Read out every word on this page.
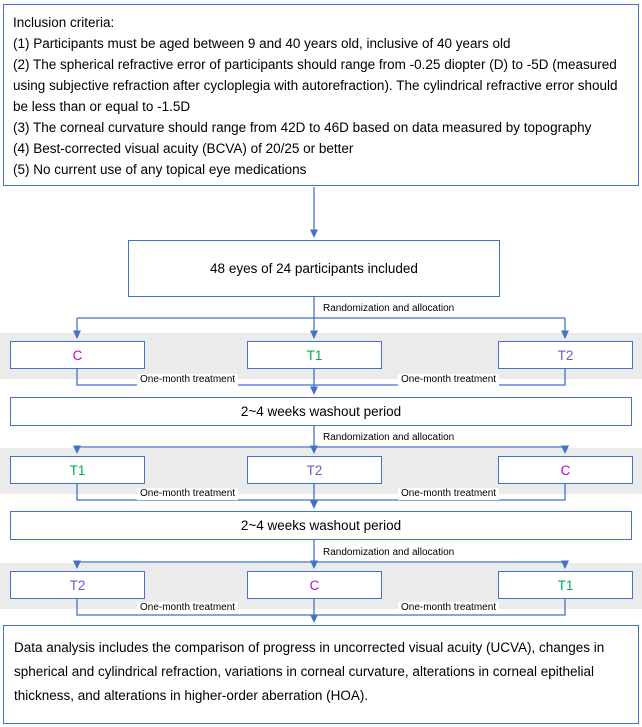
Inclusion criteria:
(1) Participants must be aged between 9 and 40 years old, inclusive of 40 years old
(2) The spherical refractive error of participants should range from -0.25 diopter (D) to -5D (measured using subjective refraction after cycloplegia with autorefraction). The cylindrical refractive error should be less than or equal to -1.5D
(3) The corneal curvature should range from 42D to 46D based on data measured by topography
(4) Best-corrected visual acuity (BCVA) of 20/25 or better
(5) No current use of any topical eye medications
48 eyes of 24 participants included
Randomization and allocation
Randomization and allocation
Randomization and allocation
C	T1	T2
One-month treatment	One-month treatment
2~4 weeks washout period
T1	T2	C
One-month treatment	One-month treatment
2~4 weeks washout period
T2	C	T1
One-month treatment	One-month treatment
Data analysis includes the comparison of progress in uncorrected visual acuity (UCVA), changes in spherical and cylindrical refraction, variations in corneal curvature, alterations in corneal epithelial thickness, and alterations in higher-order aberration (HOA).
